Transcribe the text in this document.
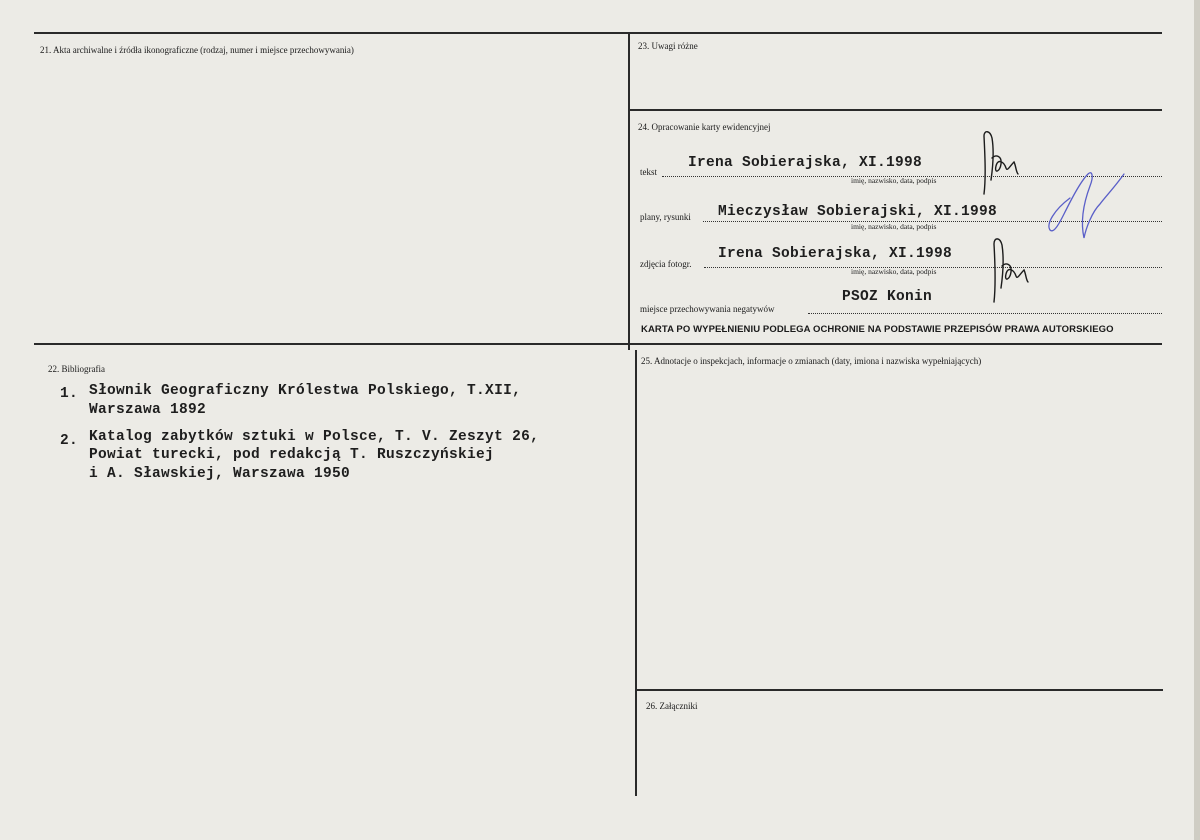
21. Akta archiwalne i źródła ikonograficzne (rodzaj, numer i miejsce przechowywania)	23. Uwagi różne
24. Opracowanie karty ewidencyjnej
tekst
Irena Sobierajska, XI.1998
imię, nazwisko, data, podpis
plany, rysunki Mieczysław Sobierajski, XI.1998
imię, nazwisko, data, podpis
zdjęcia fotogr.
Irena Sobierajska, XI.1998
imię, nazwisko, data, podpis
miejsce przechowywania negatywów
PSOZ Konin
KARTA PO WYPEŁNIENIU PODLEGA OCHRONIE NA PODSTAWIE PRZEPISÓW PRAWA AUTORSKIEGO
22. Bibliografia
1. Słownik Geograficzny Królestwa Polskiego, T.XII,
Warszawa 1892
2. Katalog zabytków sztuki w Polsce, T. V. Zeszyt 26,
Powiat turecki, pod redakcją T. Ruszczyńskiej
i A. Sławskiej, Warszawa 1950
25. Adnotacje o inspekcjach, informacje o zmianach (daty, imiona i nazwiska wypełniających)
26. Załączniki
